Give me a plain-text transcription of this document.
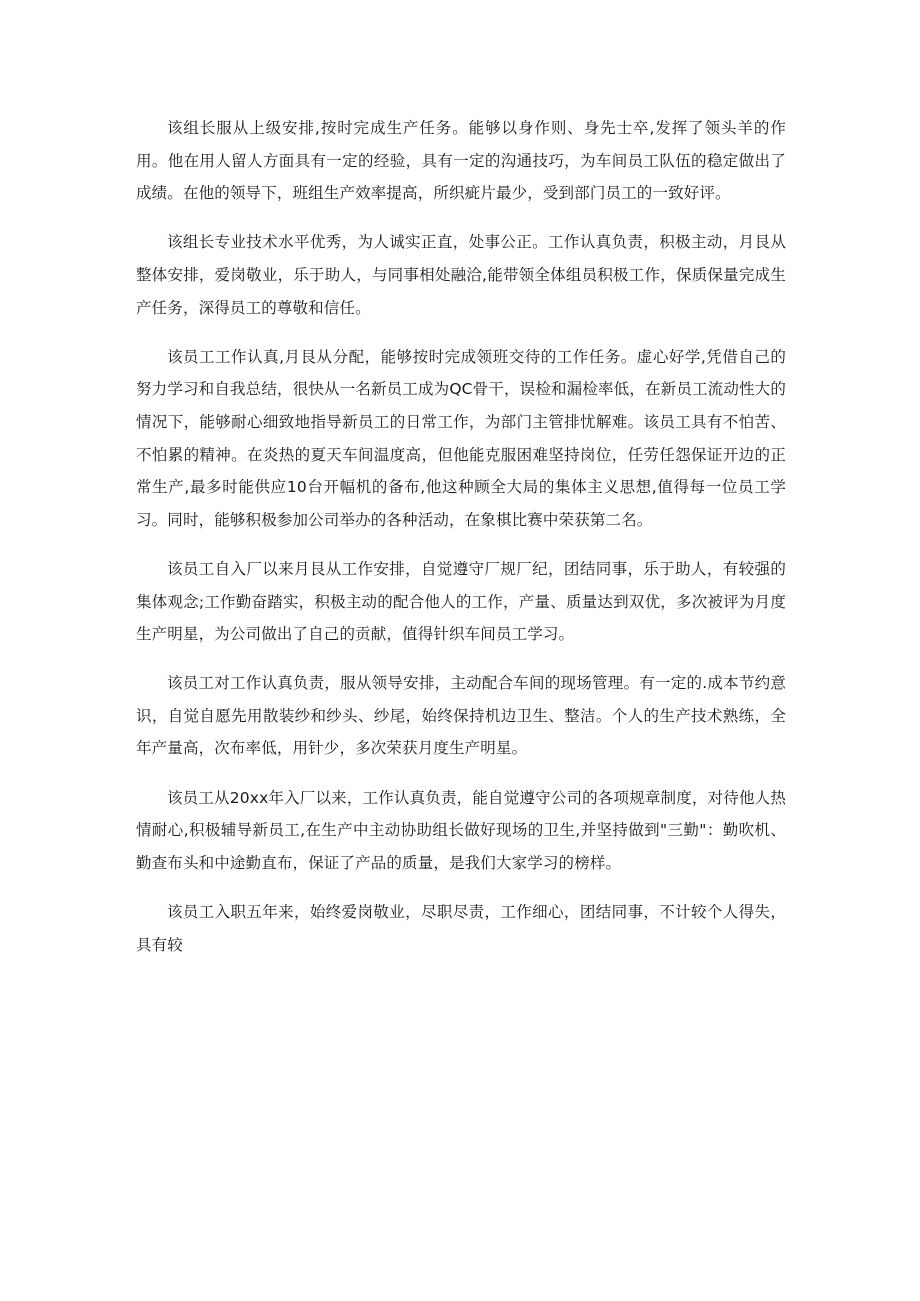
该组长服从上级安排,按时完成生产任务。能够以身作则、身先士卒,发挥了领头羊的作用。他在用人留人方面具有一定的经验，具有一定的沟通技巧，为车间员工队伍的稳定做出了成绩。在他的领导下，班组生产效率提高，所织疵片最少，受到部门员工的一致好评。

该组长专业技术水平优秀，为人诚实正直，处事公正。工作认真负责，积极主动，月艮从整体安排，爱岗敬业，乐于助人，与同事相处融洽,能带领全体组员积极工作，保质保量完成生产任务，深得员工的尊敬和信任。

该员工工作认真,月艮从分配，能够按时完成领班交待的工作任务。虚心好学,凭借自己的努力学习和自我总结，很快从一名新员工成为QC骨干，误检和漏检率低，在新员工流动性大的情况下，能够耐心细致地指导新员工的日常工作，为部门主管排忧解难。该员工具有不怕苦、不怕累的精神。在炎热的夏天车间温度高，但他能克服困难坚持岗位，任劳任怨保证开边的正常生产,最多时能供应10台开幅机的备布,他这种顾全大局的集体主义思想,值得每一位员工学习。同时，能够积极参加公司举办的各种活动，在象棋比赛中荣获第二名。

该员工自入厂以来月艮从工作安排，自觉遵守厂规厂纪，团结同事，乐于助人，有较强的集体观念;工作勤奋踏实，积极主动的配合他人的工作，产量、质量达到双优，多次被评为月度生产明星，为公司做出了自己的贡献，值得针织车间员工学习。

该员工对工作认真负责，服从领导安排，主动配合车间的现场管理。有一定的.成本节约意识，自觉自愿先用散装纱和纱头、纱尾，始终保持机边卫生、整洁。个人的生产技术熟练，全年产量高，次布率低，用针少，多次荣获月度生产明星。

该员工从20xx年入厂以来，工作认真负责，能自觉遵守公司的各项规章制度，对待他人热情耐心,积极辅导新员工,在生产中主动协助组长做好现场的卫生,并坚持做到"三勤"：勤吹机、勤查布头和中途勤直布，保证了产品的质量，是我们大家学习的榜样。

该员工入职五年来，始终爱岗敬业，尽职尽责，工作细心，团结同事，不计较个人得失，具有较
